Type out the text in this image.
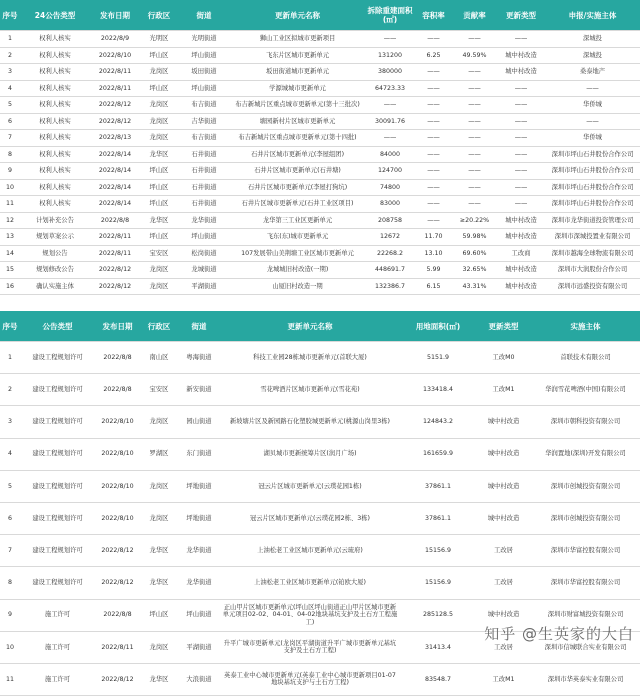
序号	24公告类型	发布日期	行政区	街道	更新单元名称	拆除重建面积(㎡)	容积率	贡献率	更新类型	申报/实施主体
1	权利人核实	2022/8/9	光明区	光明街道	狮山工业区拟城市更新项目	——	——	——	——	深城投
2	权利人核实	2022/8/10	坪山区	坪山街道	飞东片区城市更新单元	131200	6.25	49.59%	城中村改造	深城投
3	权利人核实	2022/8/11	龙岗区	坂田街道	坂田街道城市更新单元	380000	——	——	城中村改造	桑泰地产
4	权利人核实	2022/8/11	坪山区	坪山街道	学源城城市更新单元	64723.33	——	——	——	——
5	权利人核实	2022/8/12	龙岗区	布吉街道	布吉新城片区重点城市更新单元(第十三批次)	——	——	——	——	华侨城
6	权利人核实	2022/8/12	龙岗区	吉华街道	塘园新村片区城市更新单元	30091.76	——	——	——	——
7	权利人核实	2022/8/13	龙岗区	布吉街道	布吉新城片区重点城市更新单元(第十四批)	——	——	——	——	华侨城
8	权利人核实	2022/8/14	龙华区	石井街道	石井片区城市更新单元(李屋组团)	84000	——	——	——	深圳市坪山石井股份合作公司
9	权利人核实	2022/8/14	坪山区	石井街道	石井片区城市更新单元(石井塘)	124700	——	——	——	深圳市坪山石井股份合作公司
10	权利人核实	2022/8/14	坪山区	石井街道	石井片区城市更新单元(李屋打狗坑)	74800	——	——	——	深圳市坪山石井股份合作公司
11	权利人核实	2022/8/14	坪山区	石井街道	石井片区城市更新单元(石井工业区项目)	83000	——	——	——	深圳市坪山石井股份合作公司
12	计划补充公告	2022/8/8	龙华区	龙华街道	龙华第三工业区更新单元	208758	——	≥20.22%	城中村改造	深圳市龙华街道投资管理公司
13	规划草案公示	2022/8/11	坪山区	坪山街道	飞东(东)城市更新单元	12672	11.70	59.98%	城中村改造	深圳市深城投置业有限公司
14	规划公告	2022/8/11	宝安区	松岗街道	107发展带山美荆塘工业区城市更新单元	22268.2	13.10	69.60%	工改商	深圳市越海全球物流有限公司
15	规划修改公告	2022/8/12	龙岗区	龙城街道	龙城城旧村改造(一期)	448691.7	5.99	32.65%	城中村改造	深圳市大润股份合作公司
16	确认实施主体	2022/8/12	龙岗区	平湖街道	山厦旧村改造一期	132386.7	6.15	43.31%	城中村改造	深圳市远盛投资有限公司
序号	公告类型	发布日期	行政区	街道	更新单元名称	用地面积(㎡)	更新类型	实施主体
1	建设工程规划许可	2022/8/8	南山区	粤海街道	科技工业园28栋城市更新单元(首联大厦)	5151.9	工改M0	首联技术有限公司
2	建设工程规划许可	2022/8/8	宝安区	新安街道	雪花啤酒片区城市更新单元(雪花苑)	133418.4	工改M1	华润雪花啤酒(中国)有限公司
3	建设工程规划许可	2022/8/10	龙岗区	园山街道	新坡塘片区及新园路石化塑胶城更新单元(桃源山岗里3栋)	124843.2	城中村改造	深圳市朝科投资有限公司
4	建设工程规划许可	2022/8/10	罗湖区	东门街道	湖贝城市更新统筹片区(润月广场)	161659.9	城中村改造	华润置地(深圳)开发有限公司
5	建设工程规划许可	2022/8/10	龙岗区	坪地街道	冠云片区城市更新单元(云璞花园1栋)	37861.1	城中村改造	深圳市创城投资有限公司
6	建设工程规划许可	2022/8/10	龙岗区	坪地街道	冠云片区城市更新单元(云璞花园2栋、3栋)	37861.1	城中村改造	深圳市创城投资有限公司
7	建设工程规划许可	2022/8/12	龙华区	龙华街道	上油松老工业区城市更新单元(云琉府)	15156.9	工改居	深圳市华富控股有限公司
8	建设工程规划许可	2022/8/12	龙华区	龙华街道	上油松老工业区城市更新单元(铂欧大厦)	15156.9	工改居	深圳市华富控股有限公司
9	施工许可	2022/8/8	坪山区	坪山街道	正山甲片区城市更新单元(坪山区坪山街道正山甲片区城市更新单元项目02-02、04-01、04-02地块基坑支护及土石方工程施工)	285128.5	城中村改造	深圳市财富城投资有限公司
10	施工许可	2022/8/11	龙岗区	平湖街道	升平广城市更新单元(龙岗区平湖街道升平广城市更新单元基坑支护及土石方工程)	31413.4	工改居	深圳市信城联合实业有限公司
11	施工许可	2022/8/12	龙华区	大浪街道	英泰工业中心城市更新单元(英泰工业中心城市更新项目01-07地块基坑支护与土石方工程)	83548.7	工改M1	深圳市华英泰实业有限公司
知乎 @生英家的大白
